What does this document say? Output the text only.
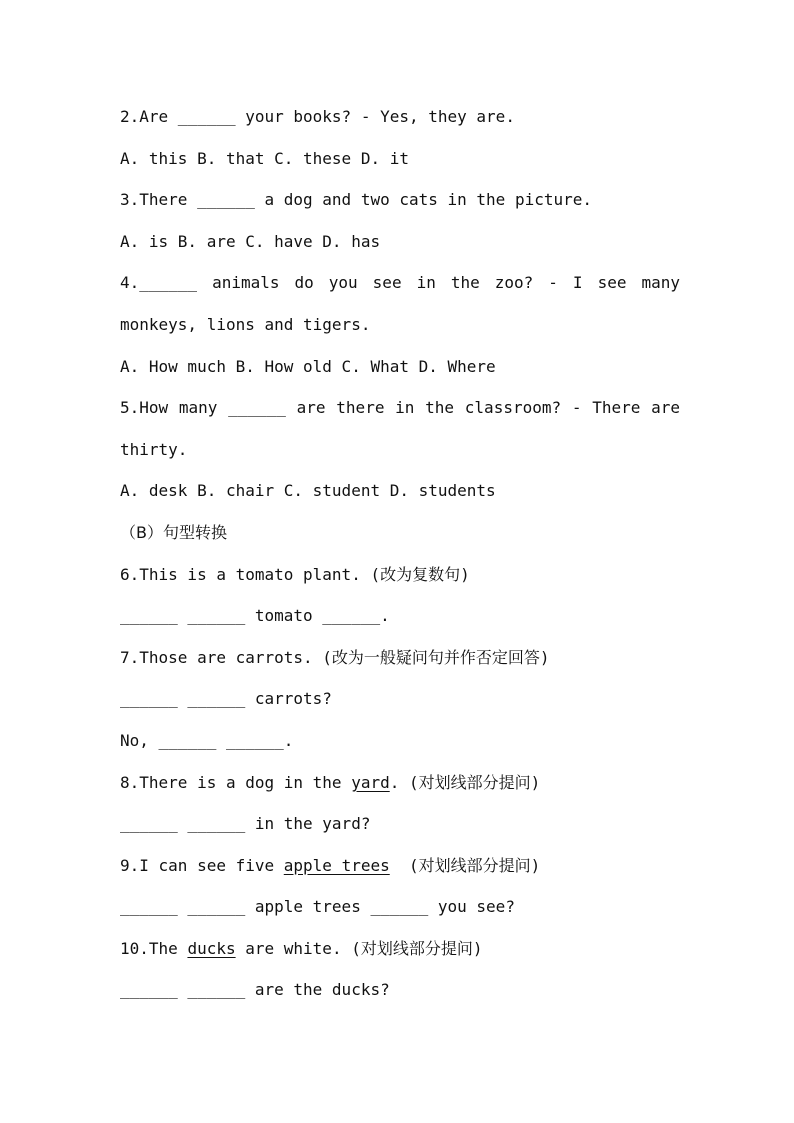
2.Are ______ your books? - Yes, they are.
A. this B. that C. these D. it
3.There ______ a dog and two cats in the picture.
A. is B. are C. have D. has
4.______ animals do you see in the zoo? - I see many
monkeys, lions and tigers.
A. How much B. How old C. What D. Where
5.How many ______ are there in the classroom? - There are
thirty.
A. desk B. chair C. student D. students
（B）句型转换
6.This is a tomato plant. (改为复数句)
______ ______ tomato ______.
7.Those are carrots. (改为一般疑问句并作否定回答)
______ ______ carrots?
No, ______ ______.
8.There is a dog in the yard. (对划线部分提问)
______ ______ in the yard?
9.I can see five apple trees  (对划线部分提问)
______ ______ apple trees ______ you see?
10.The ducks are white. (对划线部分提问)
______ ______ are the ducks?
